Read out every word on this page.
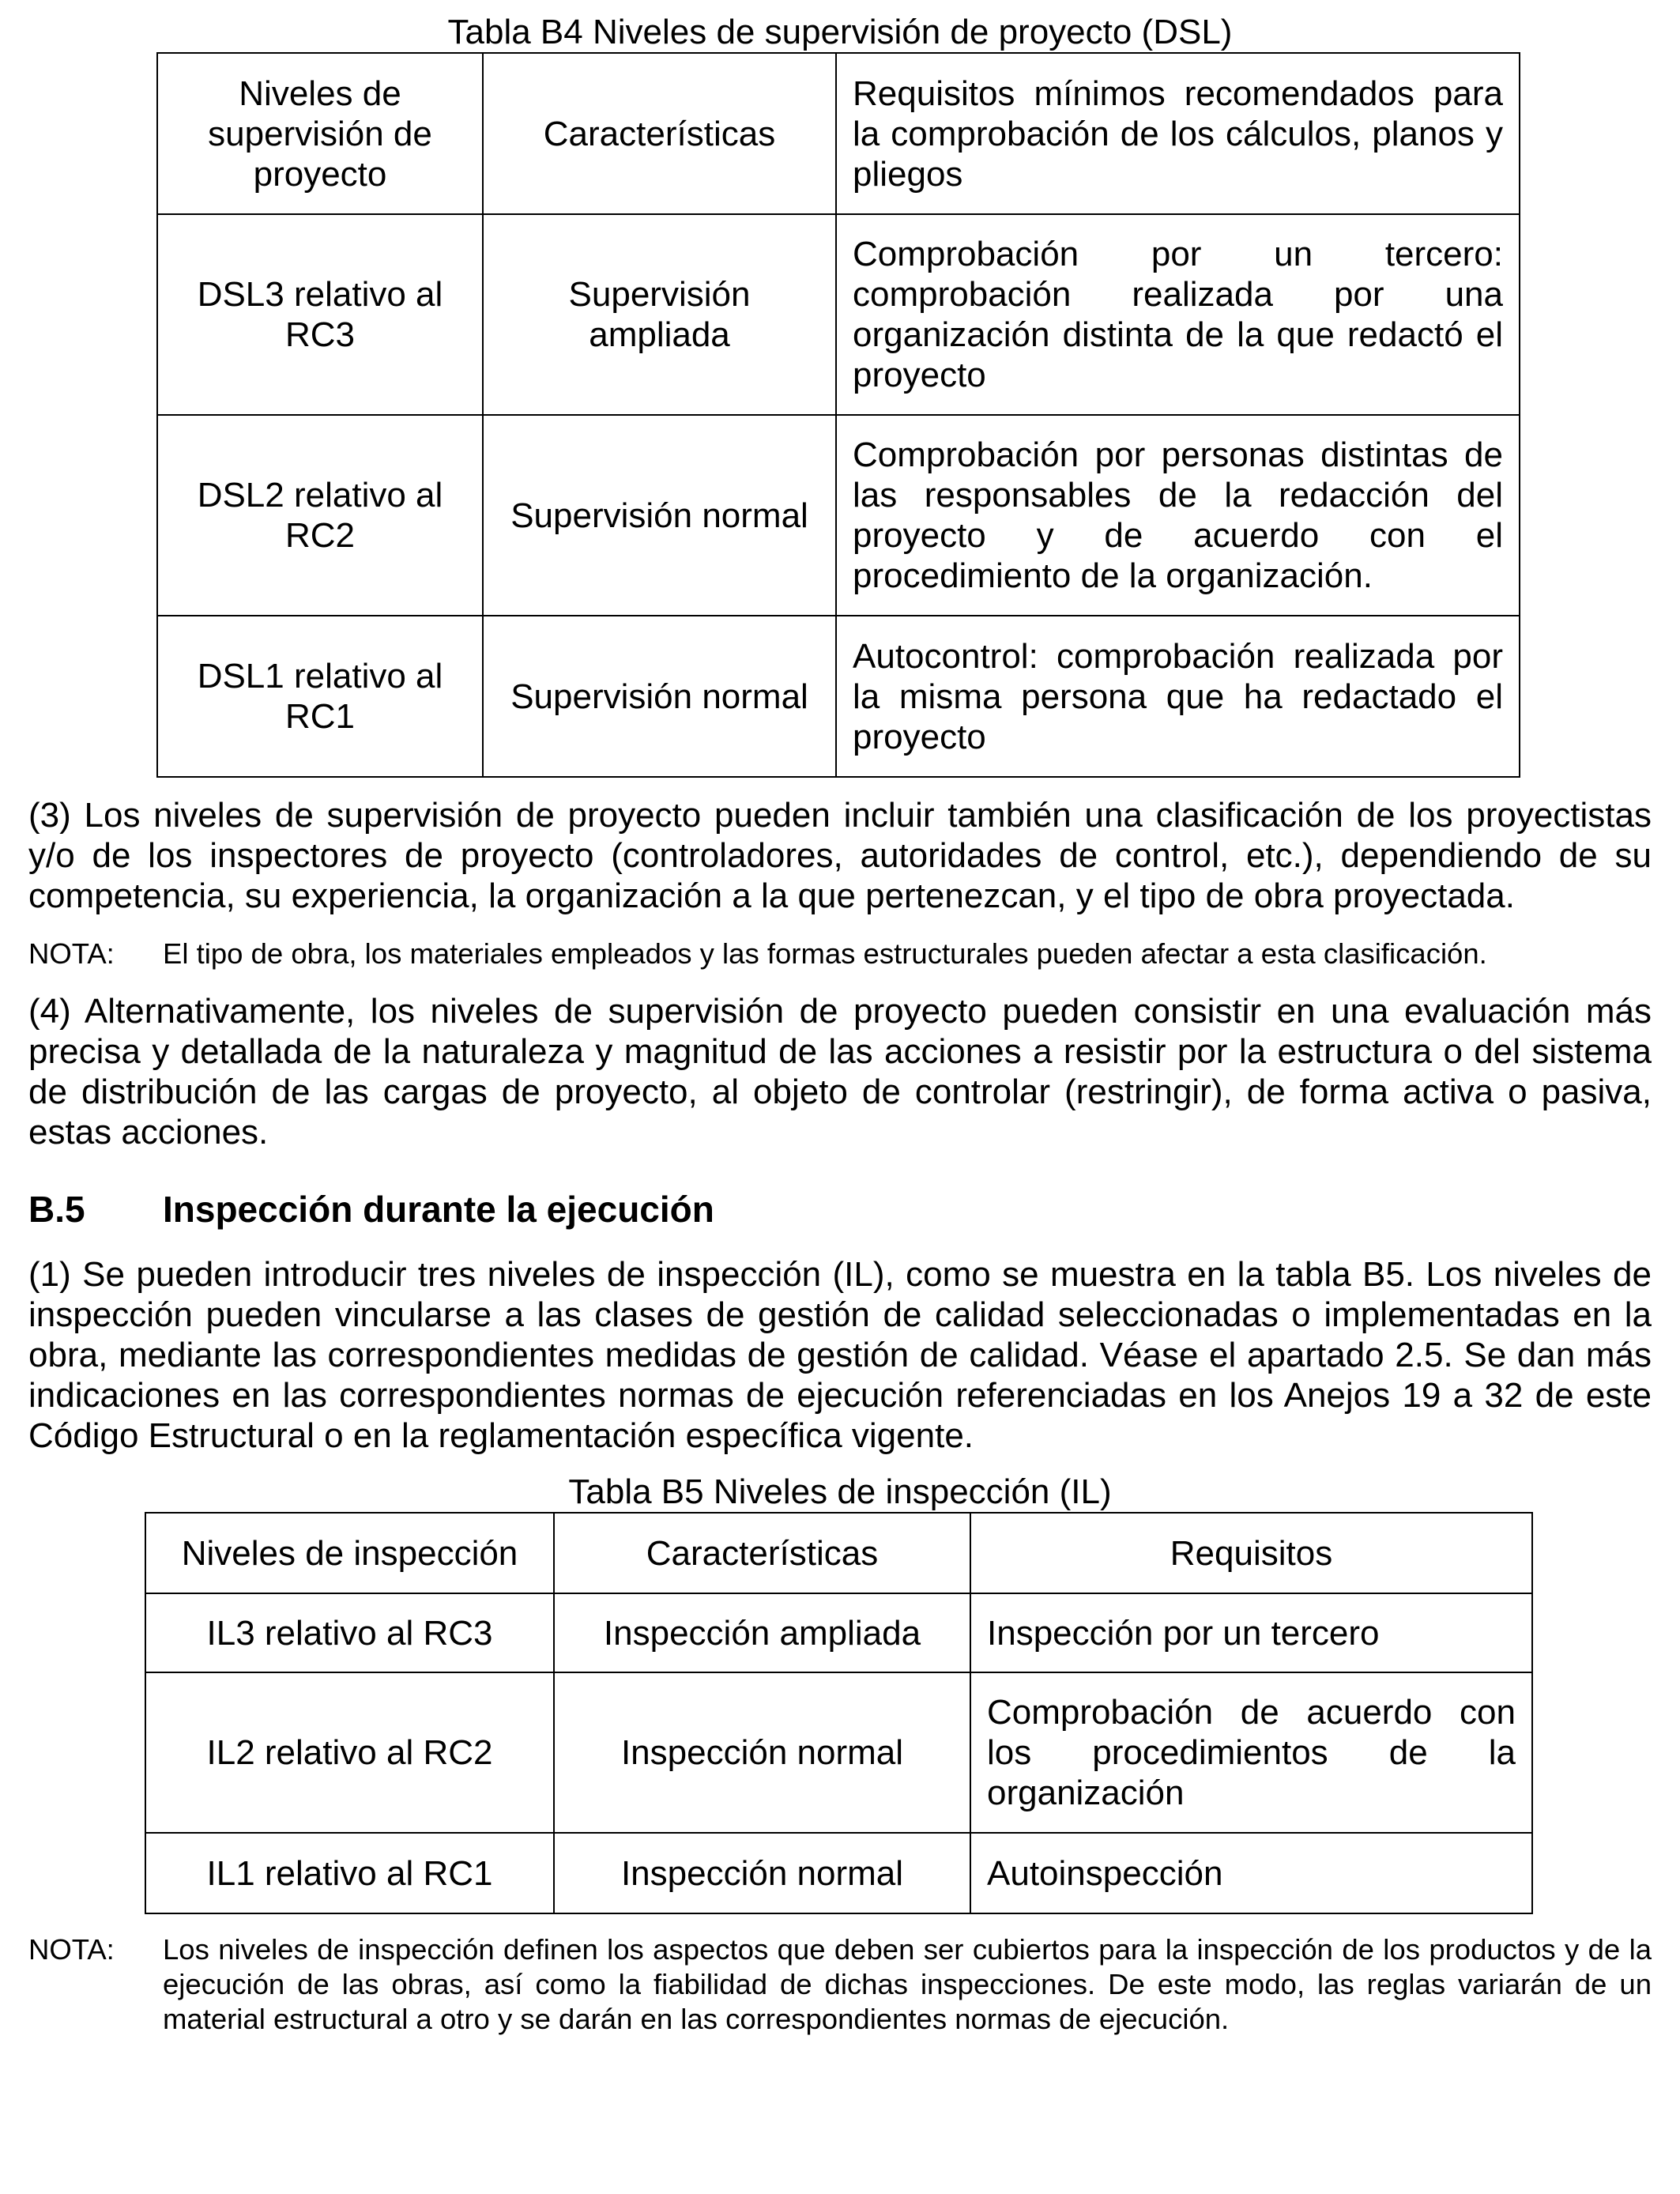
Tabla B4 Niveles de supervisión de proyecto (DSL)
Niveles de supervisión de proyecto	Características	Requisitos mínimos recomendados para la comprobación de los cálculos, planos y pliegos
DSL3 relativo al RC3	Supervisión ampliada	Comprobación por un tercero: comprobación realizada por una organización distinta de la que redactó el proyecto
DSL2 relativo al RC2	Supervisión normal	Comprobación por personas distintas de las responsables de la redacción del proyecto y de acuerdo con el procedimiento de la organización.
DSL1 relativo al RC1	Supervisión normal	Autocontrol: comprobación realizada por la misma persona que ha redactado el proyecto

(3) Los niveles de supervisión de proyecto pueden incluir también una clasificación de los proyectistas y/o de los inspectores de proyecto (controladores, autoridades de control, etc.), dependiendo de su competencia, su experiencia, la organización a la que pertenezcan, y el tipo de obra proyectada.

NOTA:	El tipo de obra, los materiales empleados y las formas estructurales pueden afectar a esta clasificación.

(4) Alternativamente, los niveles de supervisión de proyecto pueden consistir en una evaluación más precisa y detallada de la naturaleza y magnitud de las acciones a resistir por la estructura o del sistema de distribución de las cargas de proyecto, al objeto de controlar (restringir), de forma activa o pasiva, estas acciones.

B.5	Inspección durante la ejecución

(1) Se pueden introducir tres niveles de inspección (IL), como se muestra en la tabla B5. Los niveles de inspección pueden vincularse a las clases de gestión de calidad seleccionadas o implementadas en la obra, mediante las correspondientes medidas de gestión de calidad. Véase el apartado 2.5. Se dan más indicaciones en las correspondientes normas de ejecución referenciadas en los Anejos 19 a 32 de este Código Estructural o en la reglamentación específica vigente.

Tabla B5 Niveles de inspección (IL)
Niveles de inspección	Características	Requisitos
IL3 relativo al RC3	Inspección ampliada	Inspección por un tercero
IL2 relativo al RC2	Inspección normal	Comprobación de acuerdo con los procedimientos de la organización
IL1 relativo al RC1	Inspección normal	Autoinspección
NOTA:	Los niveles de inspección definen los aspectos que deben ser cubiertos para la inspección de los productos y de la ejecución de las obras, así como la fiabilidad de dichas inspecciones. De este modo, las reglas variarán de un material estructural a otro y se darán en las correspondientes normas de ejecución.
